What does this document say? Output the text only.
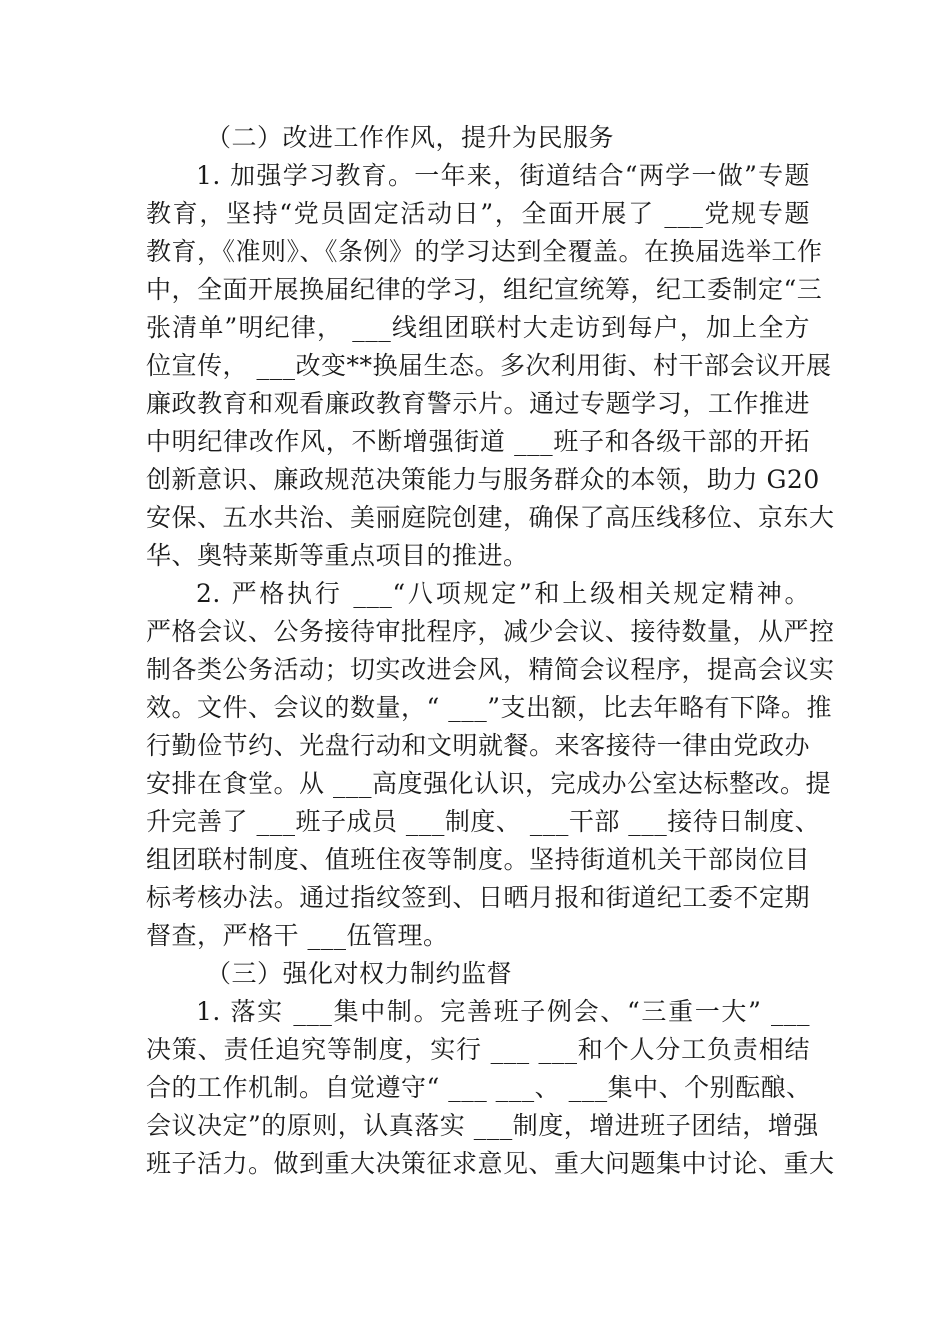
（二）改进工作作风，提升为民服务
1. 加强学习教育。一年来，街道结合“两学一做”专题
教育，坚持“党员固定活动日”，全面开展了 ___党规专题
教育，《准则》、《条例》的学习达到全覆盖。在换届选举工作
中，全面开展换届纪律的学习，组纪宣统筹，纪工委制定“三
张清单”明纪律， ___线组团联村大走访到每户，加上全方
位宣传， ___改变**换届生态。多次利用街、村干部会议开展
廉政教育和观看廉政教育警示片。通过专题学习，工作推进
中明纪律改作风，不断增强街道 ___班子和各级干部的开拓
创新意识、廉政规范决策能力与服务群众的本领，助力 G20
安保、五水共治、美丽庭院创建，确保了高压线移位、京东大
华、奥特莱斯等重点项目的推进。
2. 严格执行 ___“八项规定”和上级相关规定精神。
严格会议、公务接待审批程序，减少会议、接待数量，从严控
制各类公务活动；切实改进会风，精简会议程序，提高会议实
效。文件、会议的数量，“ ___”支出额，比去年略有下降。推
行勤俭节约、光盘行动和文明就餐。来客接待一律由党政办
安排在食堂。从 ___高度强化认识，完成办公室达标整改。提
升完善了 ___班子成员 ___制度、 ___干部 ___接待日制度、
组团联村制度、值班住夜等制度。坚持街道机关干部岗位目
标考核办法。通过指纹签到、日晒月报和街道纪工委不定期
督查，严格干 ___伍管理。
（三）强化对权力制约监督
1. 落实 ___集中制。完善班子例会、“三重一大” ___
决策、责任追究等制度，实行 ___ ___和个人分工负责相结
合的工作机制。自觉遵守“ ___ ___、 ___集中、个别酝酿、
会议决定”的原则，认真落实 ___制度，增进班子团结，增强
班子活力。做到重大决策征求意见、重大问题集中讨论、重大
